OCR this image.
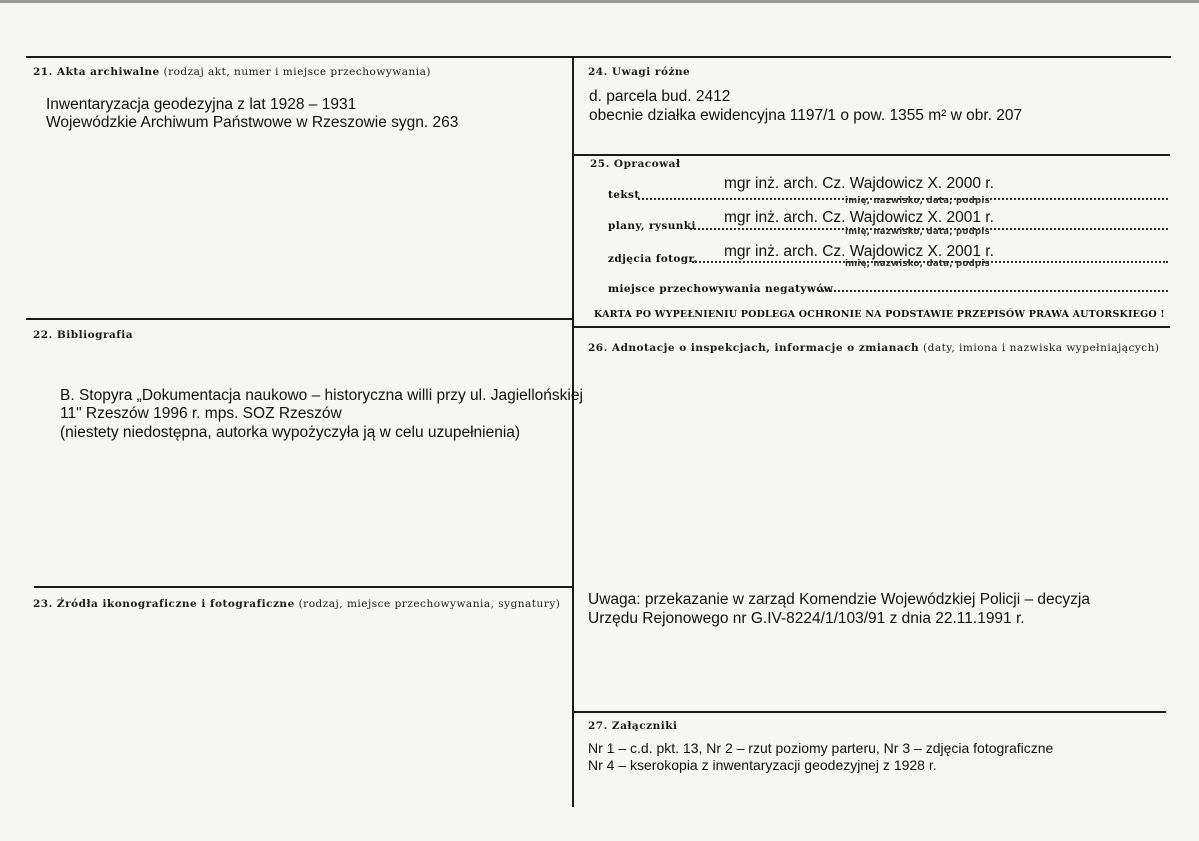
21. Akta archiwalne (rodzaj akt, numer i miejsce przechowywania)
Inwentaryzacja geodezyjna z lat 1928 – 1931
Wojewódzkie Archiwum Państwowe w Rzeszowie sygn. 263
22. Bibliografia
B. Stopyra „Dokumentacja naukowo – historyczna willi przy ul. Jagiellońskiej
11" Rzeszów 1996 r. mps. SOZ Rzeszów
(niestety niedostępna, autorka wypożyczyła ją w celu uzupełnienia)
23. Źródła ikonograficzne i fotograficzne (rodzaj, miejsce przechowywania, sygnatury)
24. Uwagi różne
d. parcela bud. 2412
obecnie działka ewidencyjna 1197/1 o pow. 1355 m² w obr. 207
25. Opracował
tekst
mgr inż. arch. Cz. Wajdowicz X. 2000 r.
imię, nazwisko, data, podpis
plany, rysunki mgr inż. arch. Cz. Wajdowicz X. 2001 r.
imię, nazwisko, data, podpis
zdjęcia fotogr. mgr inż. arch. Cz. Wajdowicz X. 2001 r.
imię, nazwisko, data, podpis
miejsce przechowywania negatywów
KARTA PO WYPEŁNIENIU PODLEGA OCHRONIE NA PODSTAWIE PRZEPISÓW PRAWA AUTORSKIEGO !
26. Adnotacje o inspekcjach, informacje o zmianach (daty, imiona i nazwiska wypełniających)
Uwaga: przekazanie w zarząd Komendzie Wojewódzkiej Policji – decyzja
Urzędu Rejonowego nr G.IV-8224/1/103/91 z dnia 22.11.1991 r.
27. Załączniki
Nr 1 – c.d. pkt. 13, Nr 2 – rzut poziomy parteru, Nr 3 – zdjęcia fotograficzne
Nr 4 – kserokopia z inwentaryzacji geodezyjnej z 1928 r.
